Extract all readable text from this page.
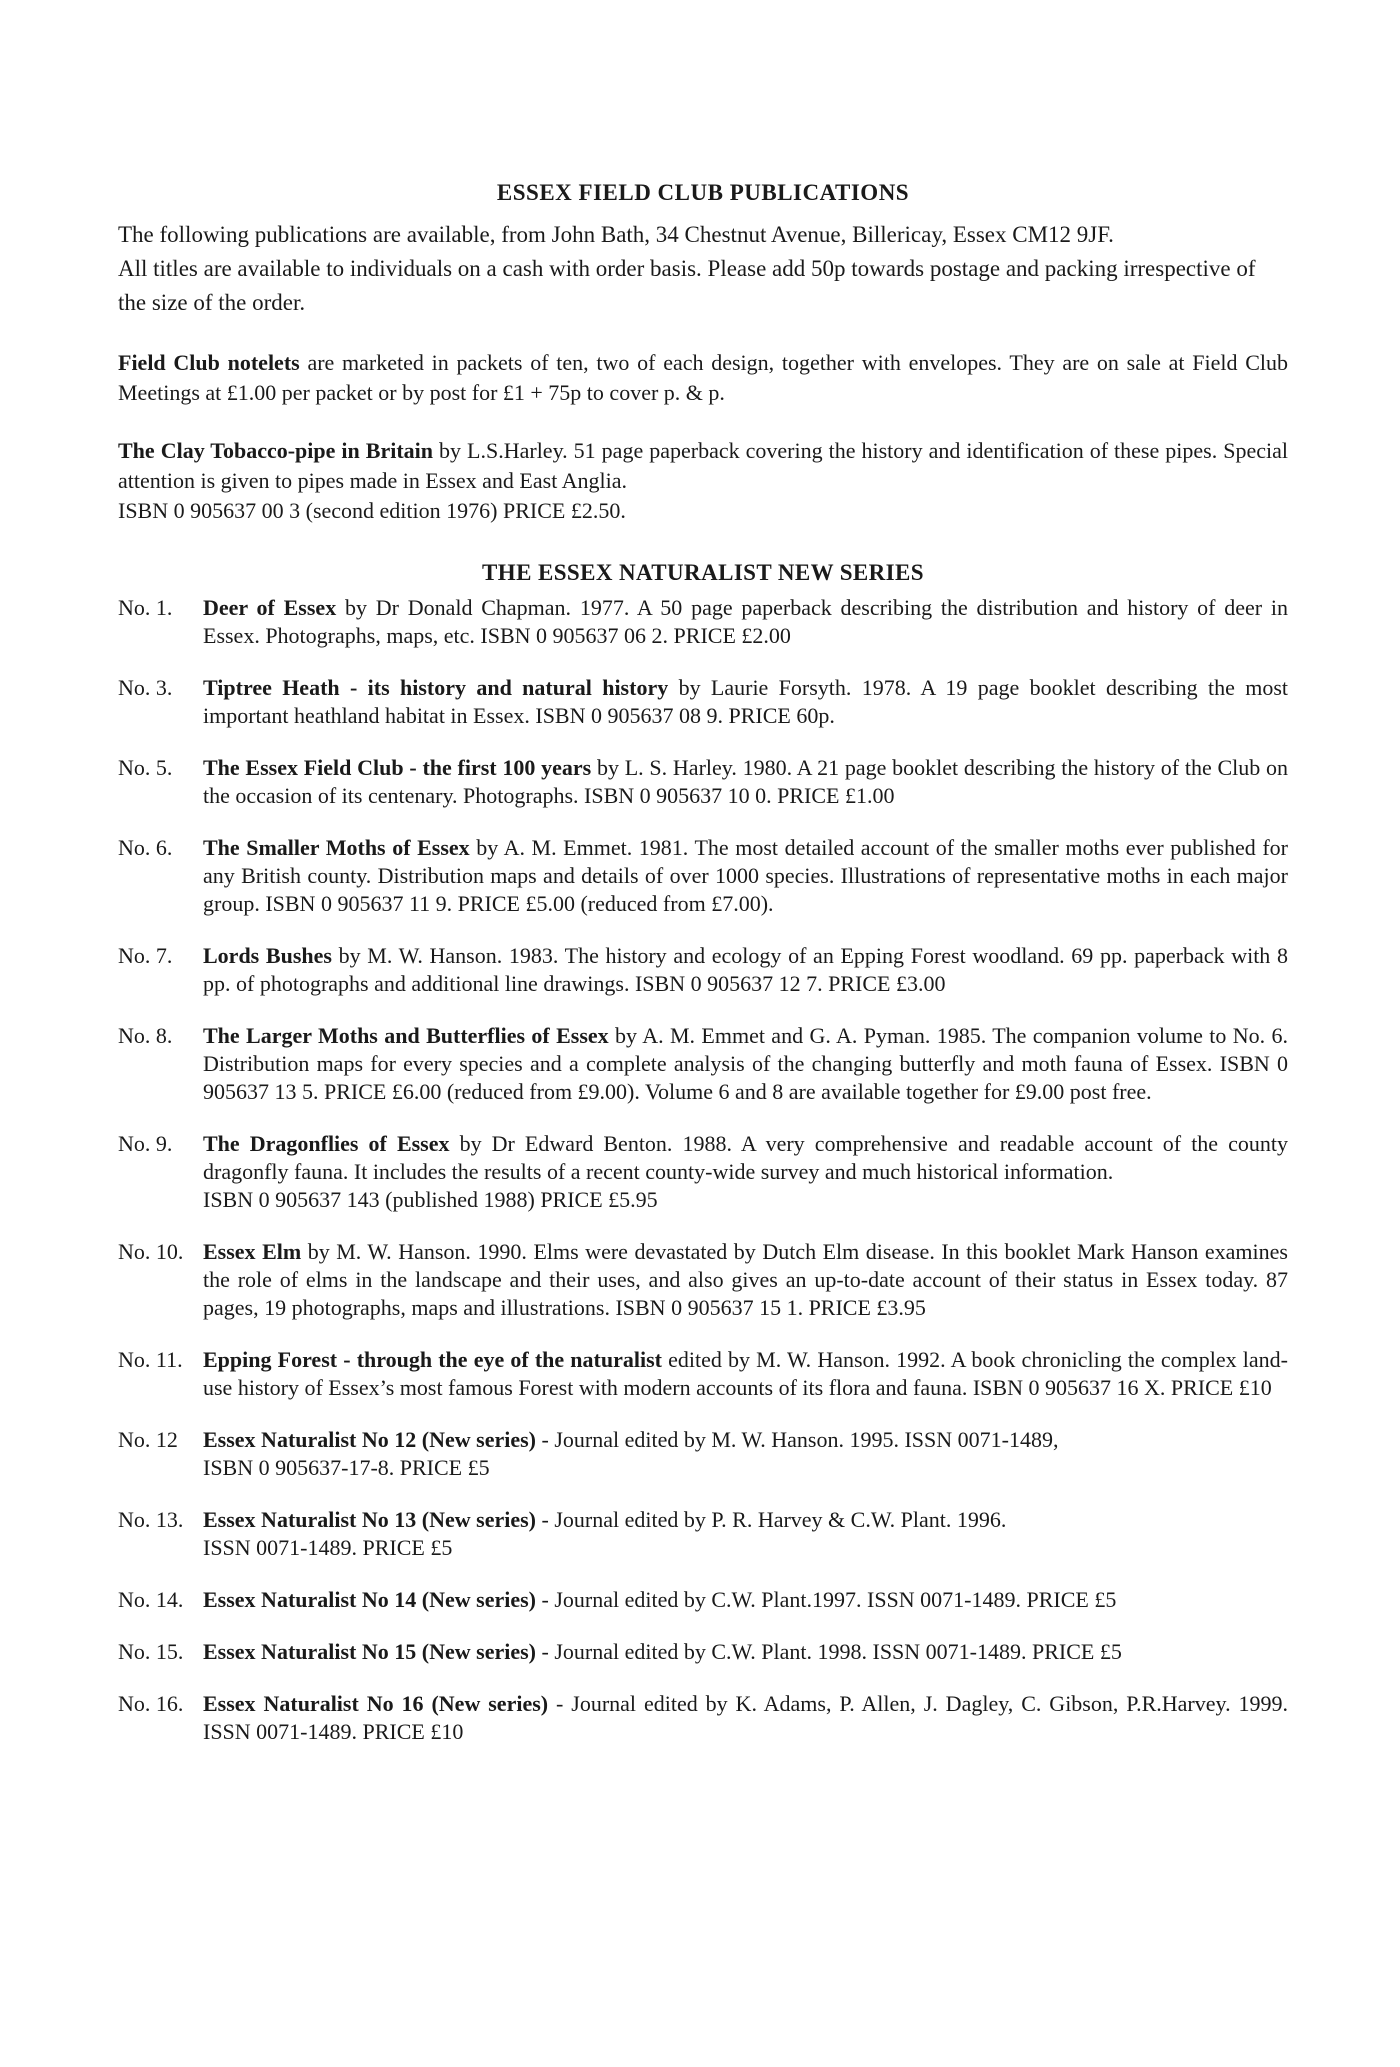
ESSEX FIELD CLUB PUBLICATIONS

The following publications are available, from John Bath, 34 Chestnut Avenue, Billericay, Essex CM12 9JF.

All titles are available to individuals on a cash with order basis. Please add 50p towards postage and packing irrespective of the size of the order.

Field Club notelets are marketed in packets of ten, two of each design, together with envelopes. They are on sale at Field Club Meetings at £1.00 per packet or by post for £1 + 75p to cover p. & p.

The Clay Tobacco-pipe in Britain by L.S.Harley. 51 page paperback covering the history and identification of these pipes. Special attention is given to pipes made in Essex and East Anglia.

ISBN 0 905637 00 3 (second edition 1976) PRICE £2.50.

THE ESSEX NATURALIST NEW SERIES
No. 1.	Deer of Essex by Dr Donald Chapman. 1977. A 50 page paperback describing the distribution and history of deer in Essex. Photographs, maps, etc. ISBN 0 905637 06 2. PRICE £2.00

No. 3.	Tiptree Heath - its history and natural history by Laurie Forsyth. 1978. A 19 page booklet describing the most important heathland habitat in Essex. ISBN 0 905637 08 9. PRICE 60p.

No. 5.	The Essex Field Club - the first 100 years by L. S. Harley. 1980. A 21 page booklet describing the history of the Club on the occasion of its centenary. Photographs. ISBN 0 905637 10 0. PRICE £1.00

No. 6.	The Smaller Moths of Essex by A. M. Emmet. 1981. The most detailed account of the smaller moths ever published for any British county. Distribution maps and details of over 1000 species. Illustrations of representative moths in each major group. ISBN 0 905637 11 9. PRICE £5.00 (reduced from £7.00).

No. 7.	Lords Bushes by M. W. Hanson. 1983. The history and ecology of an Epping Forest woodland. 69 pp. paperback with 8 pp. of photographs and additional line drawings. ISBN 0 905637 12 7. PRICE £3.00

No. 8.	The Larger Moths and Butterflies of Essex by A. M. Emmet and G. A. Pyman. 1985. The companion volume to No. 6. Distribution maps for every species and a complete analysis of the changing butterfly and moth fauna of Essex. ISBN 0 905637 13 5. PRICE £6.00 (reduced from £9.00). Volume 6 and 8 are available together for £9.00 post free.

No. 9.	The Dragonflies of Essex by Dr Edward Benton. 1988. A very comprehensive and readable account of the county dragonfly fauna. It includes the results of a recent county-wide survey and much historical information.

ISBN 0 905637 143 (published 1988) PRICE £5.95

No. 10. Essex Elm by M. W. Hanson. 1990. Elms were devastated by Dutch Elm disease. In this booklet Mark Hanson examines the role of elms in the landscape and their uses, and also gives an up-to-date account of their status in Essex today. 87 pages, 19 photographs, maps and illustrations. ISBN 0 905637 15 1. PRICE £3.95

No. 11. Epping Forest - through the eye of the naturalist edited by M. W. Hanson. 1992. A book chronicling the complex land-use history of Essex’s most famous Forest with modern accounts of its flora and fauna. ISBN 0 905637 16 X. PRICE £10

No. 12	Essex Naturalist No 12 (New series) - Journal edited by M. W. Hanson. 1995. ISSN 0071-1489,

ISBN 0 905637-17-8. PRICE £5

No. 13. Essex Naturalist No 13 (New series) - Journal edited by P. R. Harvey & C.W. Plant. 1996.

ISSN 0071-1489. PRICE £5

No. 14. Essex Naturalist No 14 (New series) - Journal edited by C.W. Plant.1997. ISSN 0071-1489. PRICE £5

No. 15. Essex Naturalist No 15 (New series) - Journal edited by C.W. Plant. 1998. ISSN 0071-1489. PRICE £5

No. 16. Essex Naturalist No 16 (New series) - Journal edited by K. Adams, P. Allen, J. Dagley, C. Gibson, P.R.Harvey. 1999. ISSN 0071-1489. PRICE £10
